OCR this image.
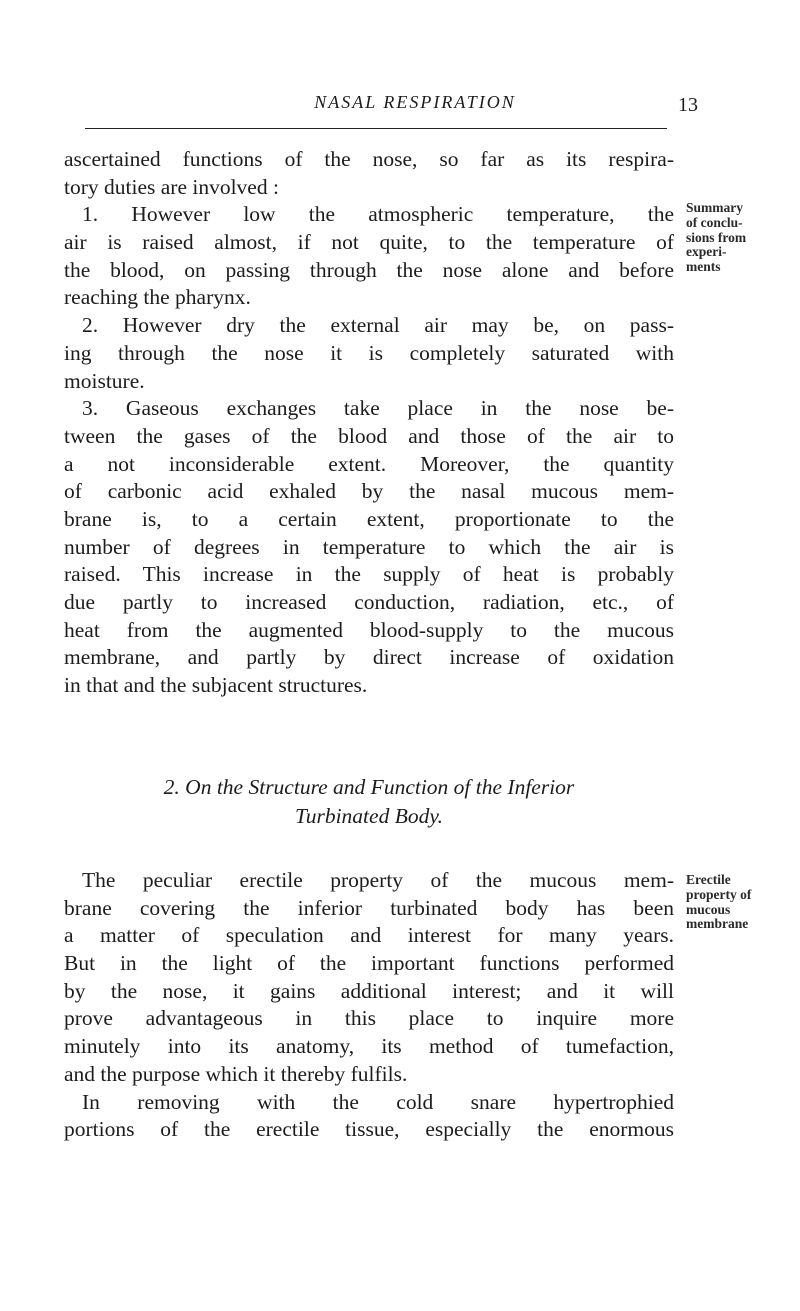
NASAL RESPIRATION	13
ascertained functions of the nose, so far as its respira-
tory duties are involved :
1. However low the atmospheric temperature, the
air is raised almost, if not quite, to the temperature of
the blood, on passing through the nose alone and before
reaching the pharynx.
2. However dry the external air may be, on pass-
ing through the nose it is completely saturated with
moisture.
3. Gaseous exchanges take place in the nose be-
tween the gases of the blood and those of the air to
a not inconsiderable extent. Moreover, the quantity
of carbonic acid exhaled by the nasal mucous mem-
brane is, to a certain extent, proportionate to the
number of degrees in temperature to which the air is
raised. This increase in the supply of heat is probably
due partly to increased conduction, radiation, etc., of
heat from the augmented blood-supply to the mucous
membrane, and partly by direct increase of oxidation
in that and the subjacent structures.
2. On the Structure and Function of the Inferior
Turbinated Body.
The peculiar erectile property of the mucous mem-
brane covering the inferior turbinated body has been
a matter of speculation and interest for many years.
But in the light of the important functions performed
by the nose, it gains additional interest; and it will
prove advantageous in this place to inquire more
minutely into its anatomy, its method of tumefaction,
and the purpose which it thereby fulfils.
In removing with the cold snare hypertrophied
portions of the erectile tissue, especially the enormous
Summary
of conclu-
sions from
experi-
ments
Erectile
property of
mucous
membrane
